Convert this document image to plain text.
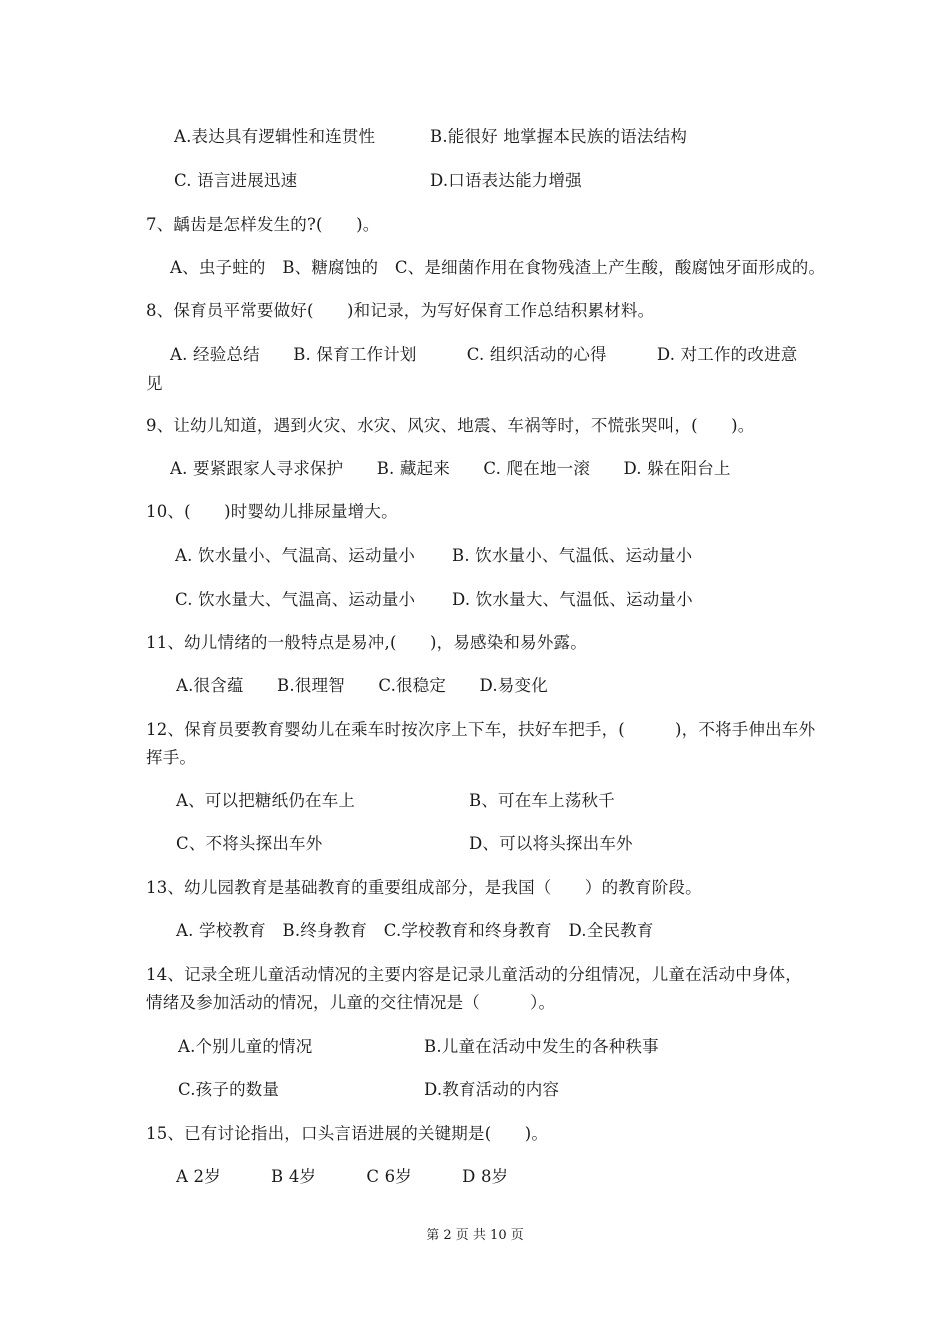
A.表达具有逻辑性和连贯性	B.能很好 地掌握本民族的语法结构
C. 语言进展迅速	D.口语表达能力增强
7、龋齿是怎样发生的?(　　)。
A、虫子蛀的　B、糖腐蚀的　C、是细菌作用在食物残渣上产生酸，酸腐蚀牙面形成的。
8、保育员平常要做好(　　)和记录，为写好保育工作总结积累材料。
A. 经验总结　　B. 保育工作计划　　　C. 组织活动的心得　　　D. 对工作的改进意
见
9、让幼儿知道，遇到火灾、水灾、风灾、地震、车祸等时，不慌张哭叫，(　　)。
A. 要紧跟家人寻求保护　　B. 藏起来　　C. 爬在地一滚　　D. 躲在阳台上
10、(　　)时婴幼儿排尿量增大。
A. 饮水量小、气温高、运动量小 B. 饮水量小、气温低、运动量小
C. 饮水量大、气温高、运动量小 D. 饮水量大、气温低、运动量小
11、幼儿情绪的一般特点是易冲,(　　)，易感染和易外露。
A.很含蕴　　B.很理智　　C.很稳定　　D.易变化
12、保育员要教育婴幼儿在乘车时按次序上下车，扶好车把手，(　　　)，不将手伸出车外
挥手。
A、可以把糖纸仍在车上	B、可在车上荡秋千
C、不将头探出车外	D、可以将头探出车外
13、幼儿园教育是基础教育的重要组成部分，是我国（　　）的教育阶段。
A. 学校教育　B.终身教育　C.学校教育和终身教育　D.全民教育
14、记录全班儿童活动情况的主要内容是记录儿童活动的分组情况，儿童在活动中身体，
情绪及参加活动的情况，儿童的交往情况是（　　　）。
A.个别儿童的情况	B.儿童在活动中发生的各种秩事
C.孩子的数量	D.教育活动的内容
15、已有讨论指出，口头言语进展的关键期是(　　)。
A 2岁　　　B 4岁　　　C 6岁　　　D 8岁
第 2 页 共 10 页
